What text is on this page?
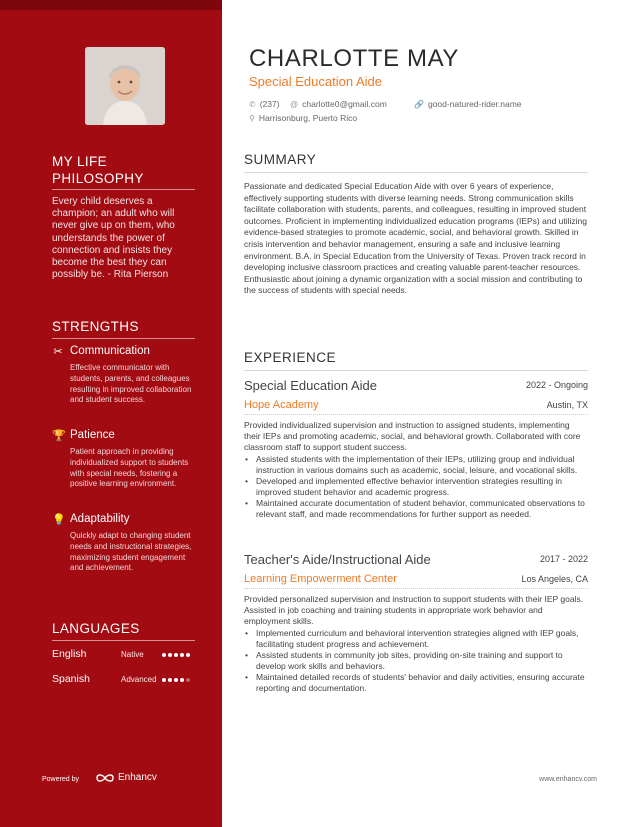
MY LIFE PHILOSOPHY
Every child deserves a champion; an adult who will never give up on them, who understands the power of connection and insists they become the best they can possibly be. - Rita Pierson
STRENGTHS
✂ Communication
Effective communicator with students, parents, and colleagues resulting in improved collaboration and student success.
🏆 Patience
Patient approach in providing individualized support to students with special needs, fostering a positive learning environment.
💡 Adaptability
Quickly adapt to changing student needs and instructional strategies, maximizing student engagement and achievement.
LANGUAGES
English	Native
Spanish	Advanced
Powered by	Enhancv
CHARLOTTE MAY
Special Education Aide
✆ (237) @ charlotte0@gmail.com	🔗 good-natured-rider.name
⚲ Harrisonburg, Puerto Rico
SUMMARY
Passionate and dedicated Special Education Aide with over 6 years of experience, effectively supporting students with diverse learning needs. Strong communication skills facilitate collaboration with students, parents, and colleagues, resulting in improved student outcomes. Proficient in implementing individualized education programs (IEPs) and utilizing evidence-based strategies to promote academic, social, and behavioral growth. Skilled in crisis intervention and behavior management, ensuring a safe and inclusive learning environment. B.A. in Special Education from the University of Texas. Proven track record in developing inclusive classroom practices and creating valuable parent-teacher resources. Enthusiastic about joining a dynamic organization with a social mission and contributing to the success of students with special needs.
EXPERIENCE
Special Education Aide	2022 - Ongoing
Hope Academy	Austin, TX
Provided individualized supervision and instruction to assigned students, implementing their IEPs and promoting academic, social, and behavioral growth. Collaborated with core classroom staff to support student success.
• Assisted students with the implementation of their IEPs, utilizing group and individual instruction in various domains such as academic, social, leisure, and vocational skills.
• Developed and implemented effective behavior intervention strategies resulting in improved student behavior and academic progress.
• Maintained accurate documentation of student behavior, communicated observations to relevant staff, and made recommendations for further support as needed.
Teacher's Aide/Instructional Aide	2017 - 2022
Learning Empowerment Center	Los Angeles, CA
Provided personalized supervision and instruction to support students with their IEP goals. Assisted in job coaching and training students in appropriate work behavior and employment skills.
• Implemented curriculum and behavioral intervention strategies aligned with IEP goals, facilitating student progress and achievement.
• Assisted students in community job sites, providing on-site training and support to develop work skills and behaviors.
• Maintained detailed records of students' behavior and daily activities, ensuring accurate reporting and documentation.
www.enhancv.com
